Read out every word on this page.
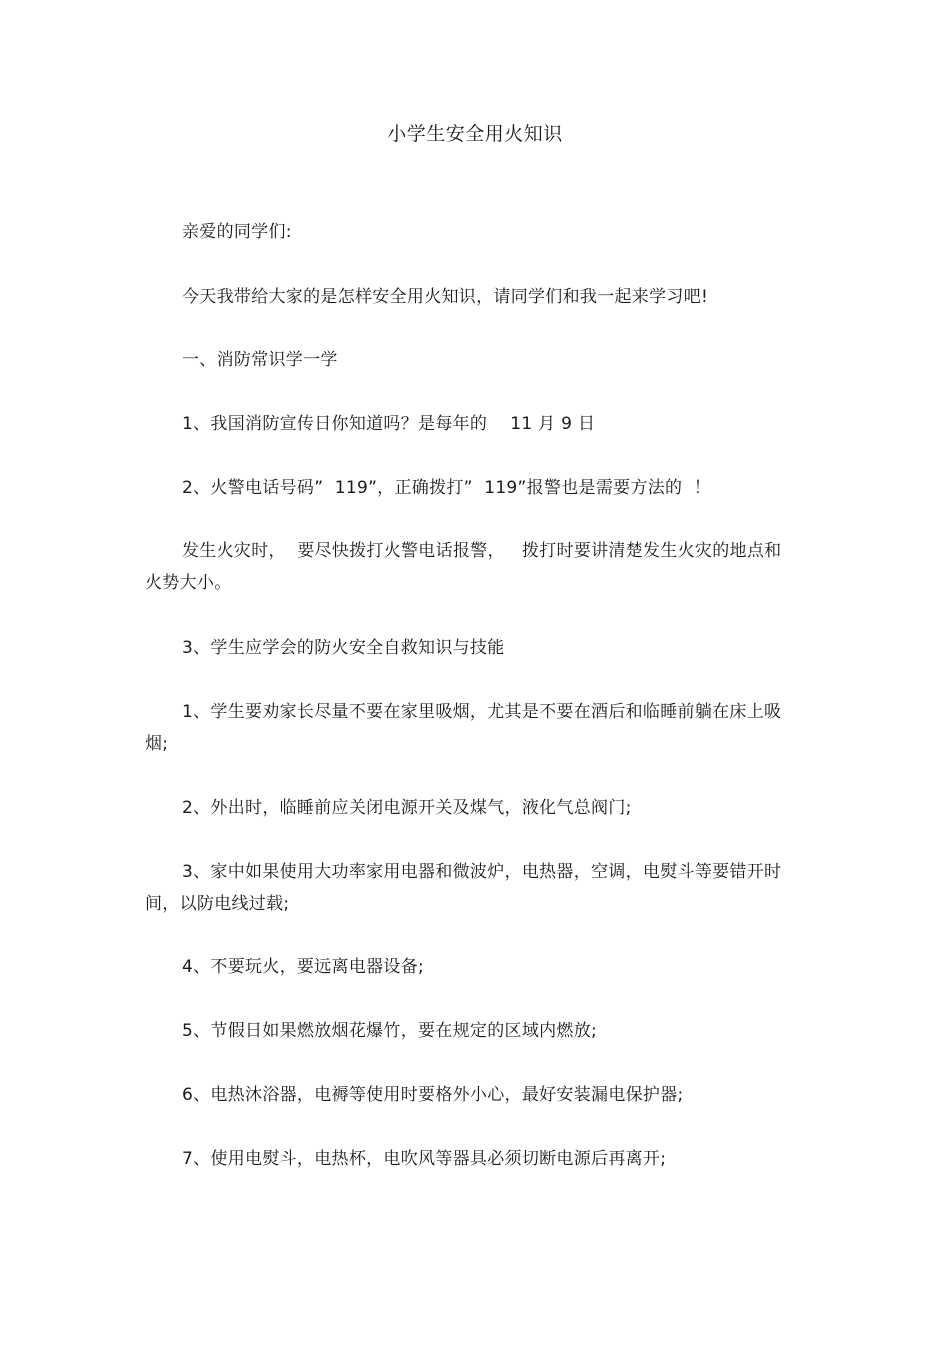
小学生安全用火知识
亲爱的同学们:
今天我带给大家的是怎样安全用火知识，请同学们和我一起来学习吧!
一、消防常识学一学
1、我国消防宣传日你知道吗？是每年的　 11 月 9 日
2、火警电话号码”  119”，正确拨打”  119”报警也是需要方法的  ！
发生火灾时，  要尽快拨打火警电话报警，   拨打时要讲清楚发生火灾的地点和火势大小。
3、学生应学会的防火安全自救知识与技能
1、学生要劝家长尽量不要在家里吸烟，尤其是不要在酒后和临睡前躺在床上吸烟;
2、外出时，临睡前应关闭电源开关及煤气，液化气总阀门;
3、家中如果使用大功率家用电器和微波炉，电热器，空调，电熨斗等要错开时间，以防电线过载;
4、不要玩火，要远离电器设备;
5、节假日如果燃放烟花爆竹，要在规定的区域内燃放;
6、电热沐浴器，电褥等使用时要格外小心，最好安装漏电保护器;
7、使用电熨斗，电热杯，电吹风等器具必须切断电源后再离开;
